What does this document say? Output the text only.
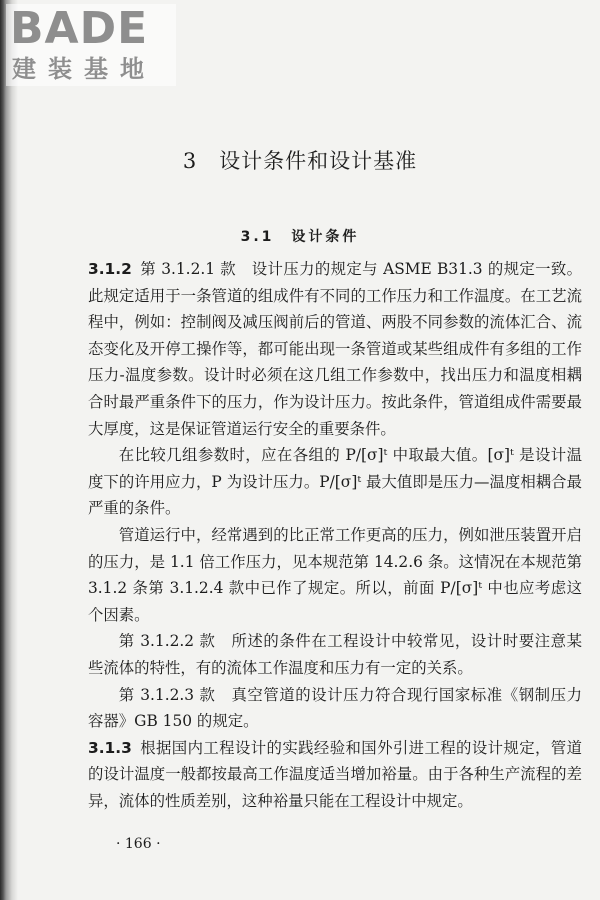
BADE
建装基地
3　设计条件和设计基准
3.1　设计条件

3.1.2 第 3.1.2.1 款　设计压力的规定与 ASME B31.3 的规定一致。此规定适用于一条管道的组成件有不同的工作压力和工作温度。在工艺流程中，例如：控制阀及减压阀前后的管道、两股不同参数的流体汇合、流态变化及开停工操作等，都可能出现一条管道或某些组成件有多组的工作压力-温度参数。设计时必须在这几组工作参数中，找出压力和温度相耦合时最严重条件下的压力，作为设计压力。按此条件，管道组成件需要最大厚度，这是保证管道运行安全的重要条件。

在比较几组参数时，应在各组的 P/[σ]ᵗ 中取最大值。[σ]ᵗ 是设计温度下的许用应力，P 为设计压力。P/[σ]ᵗ 最大值即是压力—温度相耦合最严重的条件。

管道运行中，经常遇到的比正常工作更高的压力，例如泄压装置开启的压力，是 1.1 倍工作压力，见本规范第 14.2.6 条。这情况在本规范第 3.1.2 条第 3.1.2.4 款中已作了规定。所以，前面 P/[σ]ᵗ 中也应考虑这个因素。

第 3.1.2.2 款　所述的条件在工程设计中较常见，设计时要注意某些流体的特性，有的流体工作温度和压力有一定的关系。

第 3.1.2.3 款　真空管道的设计压力符合现行国家标准《钢制压力容器》GB 150 的规定。

3.1.3 根据国内工程设计的实践经验和国外引进工程的设计规定，管道的设计温度一般都按最高工作温度适当增加裕量。由于各种生产流程的差异，流体的性质差别，这种裕量只能在工程设计中规定。

· 166 ·
